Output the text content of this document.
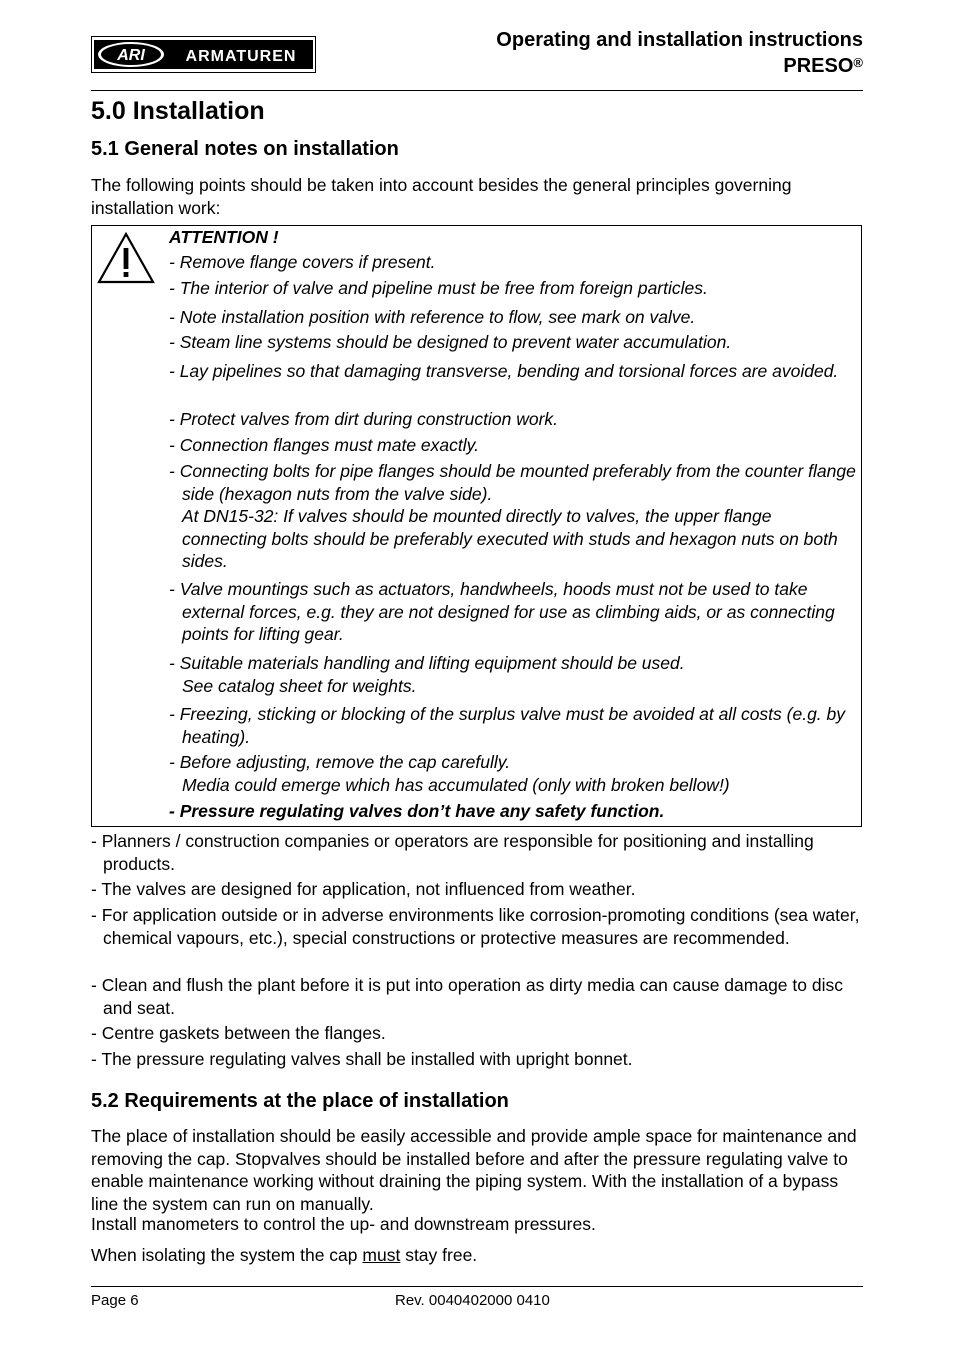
ARI	ARMATUREN
Operating and installation instructions
PRESO®
5.0 Installation
5.1 General notes on installation

The following points should be taken into account besides the general principles governing installation work:

ATTENTION !

- Remove flange covers if present.

- The interior of valve and pipeline must be free from foreign particles.

- Note installation position with reference to flow, see mark on valve.

- Steam line systems should be designed to prevent water accumulation.

- Lay pipelines so that damaging transverse, bending and torsional forces are avoided.

- Protect valves from dirt during construction work.

- Connection flanges must mate exactly.

- Connecting bolts for pipe flanges should be mounted preferably from the counter flange side (hexagon nuts from the valve side).

At DN15-32: If valves should be mounted directly to valves, the upper flange connecting bolts should be preferably executed with studs and hexagon nuts on both sides.

- Valve mountings such as actuators, handwheels, hoods must not be used to take external forces, e.g. they are not designed for use as climbing aids, or as connecting points for lifting gear.

- Suitable materials handling and lifting equipment should be used.

See catalog sheet for weights.

- Freezing, sticking or blocking of the surplus valve must be avoided at all costs (e.g. by heating).

- Before adjusting, remove the cap carefully.

Media could emerge which has accumulated (only with broken bellow!)

- Pressure regulating valves don’t have any safety function.

- Planners / construction companies or operators are responsible for positioning and installing products.

- The valves are designed for application, not influenced from weather.

- For application outside or in adverse environments like corrosion-promoting conditions (sea water, chemical vapours, etc.), special constructions or protective measures are recommended.

- Clean and flush the plant before it is put into operation as dirty media can cause damage to disc and seat.

- Centre gaskets between the flanges.

- The pressure regulating valves shall be installed with upright bonnet.

5.2 Requirements at the place of installation

The place of installation should be easily accessible and provide ample space for maintenance and removing the cap. Stopvalves should be installed before and after the pressure regulating valve to enable maintenance working without draining the piping system. With the installation of a bypass line the system can run on manually.

Install manometers to control the up- and downstream pressures.

When isolating the system the cap must stay free.

Page 6	Rev. 0040402000 0410
